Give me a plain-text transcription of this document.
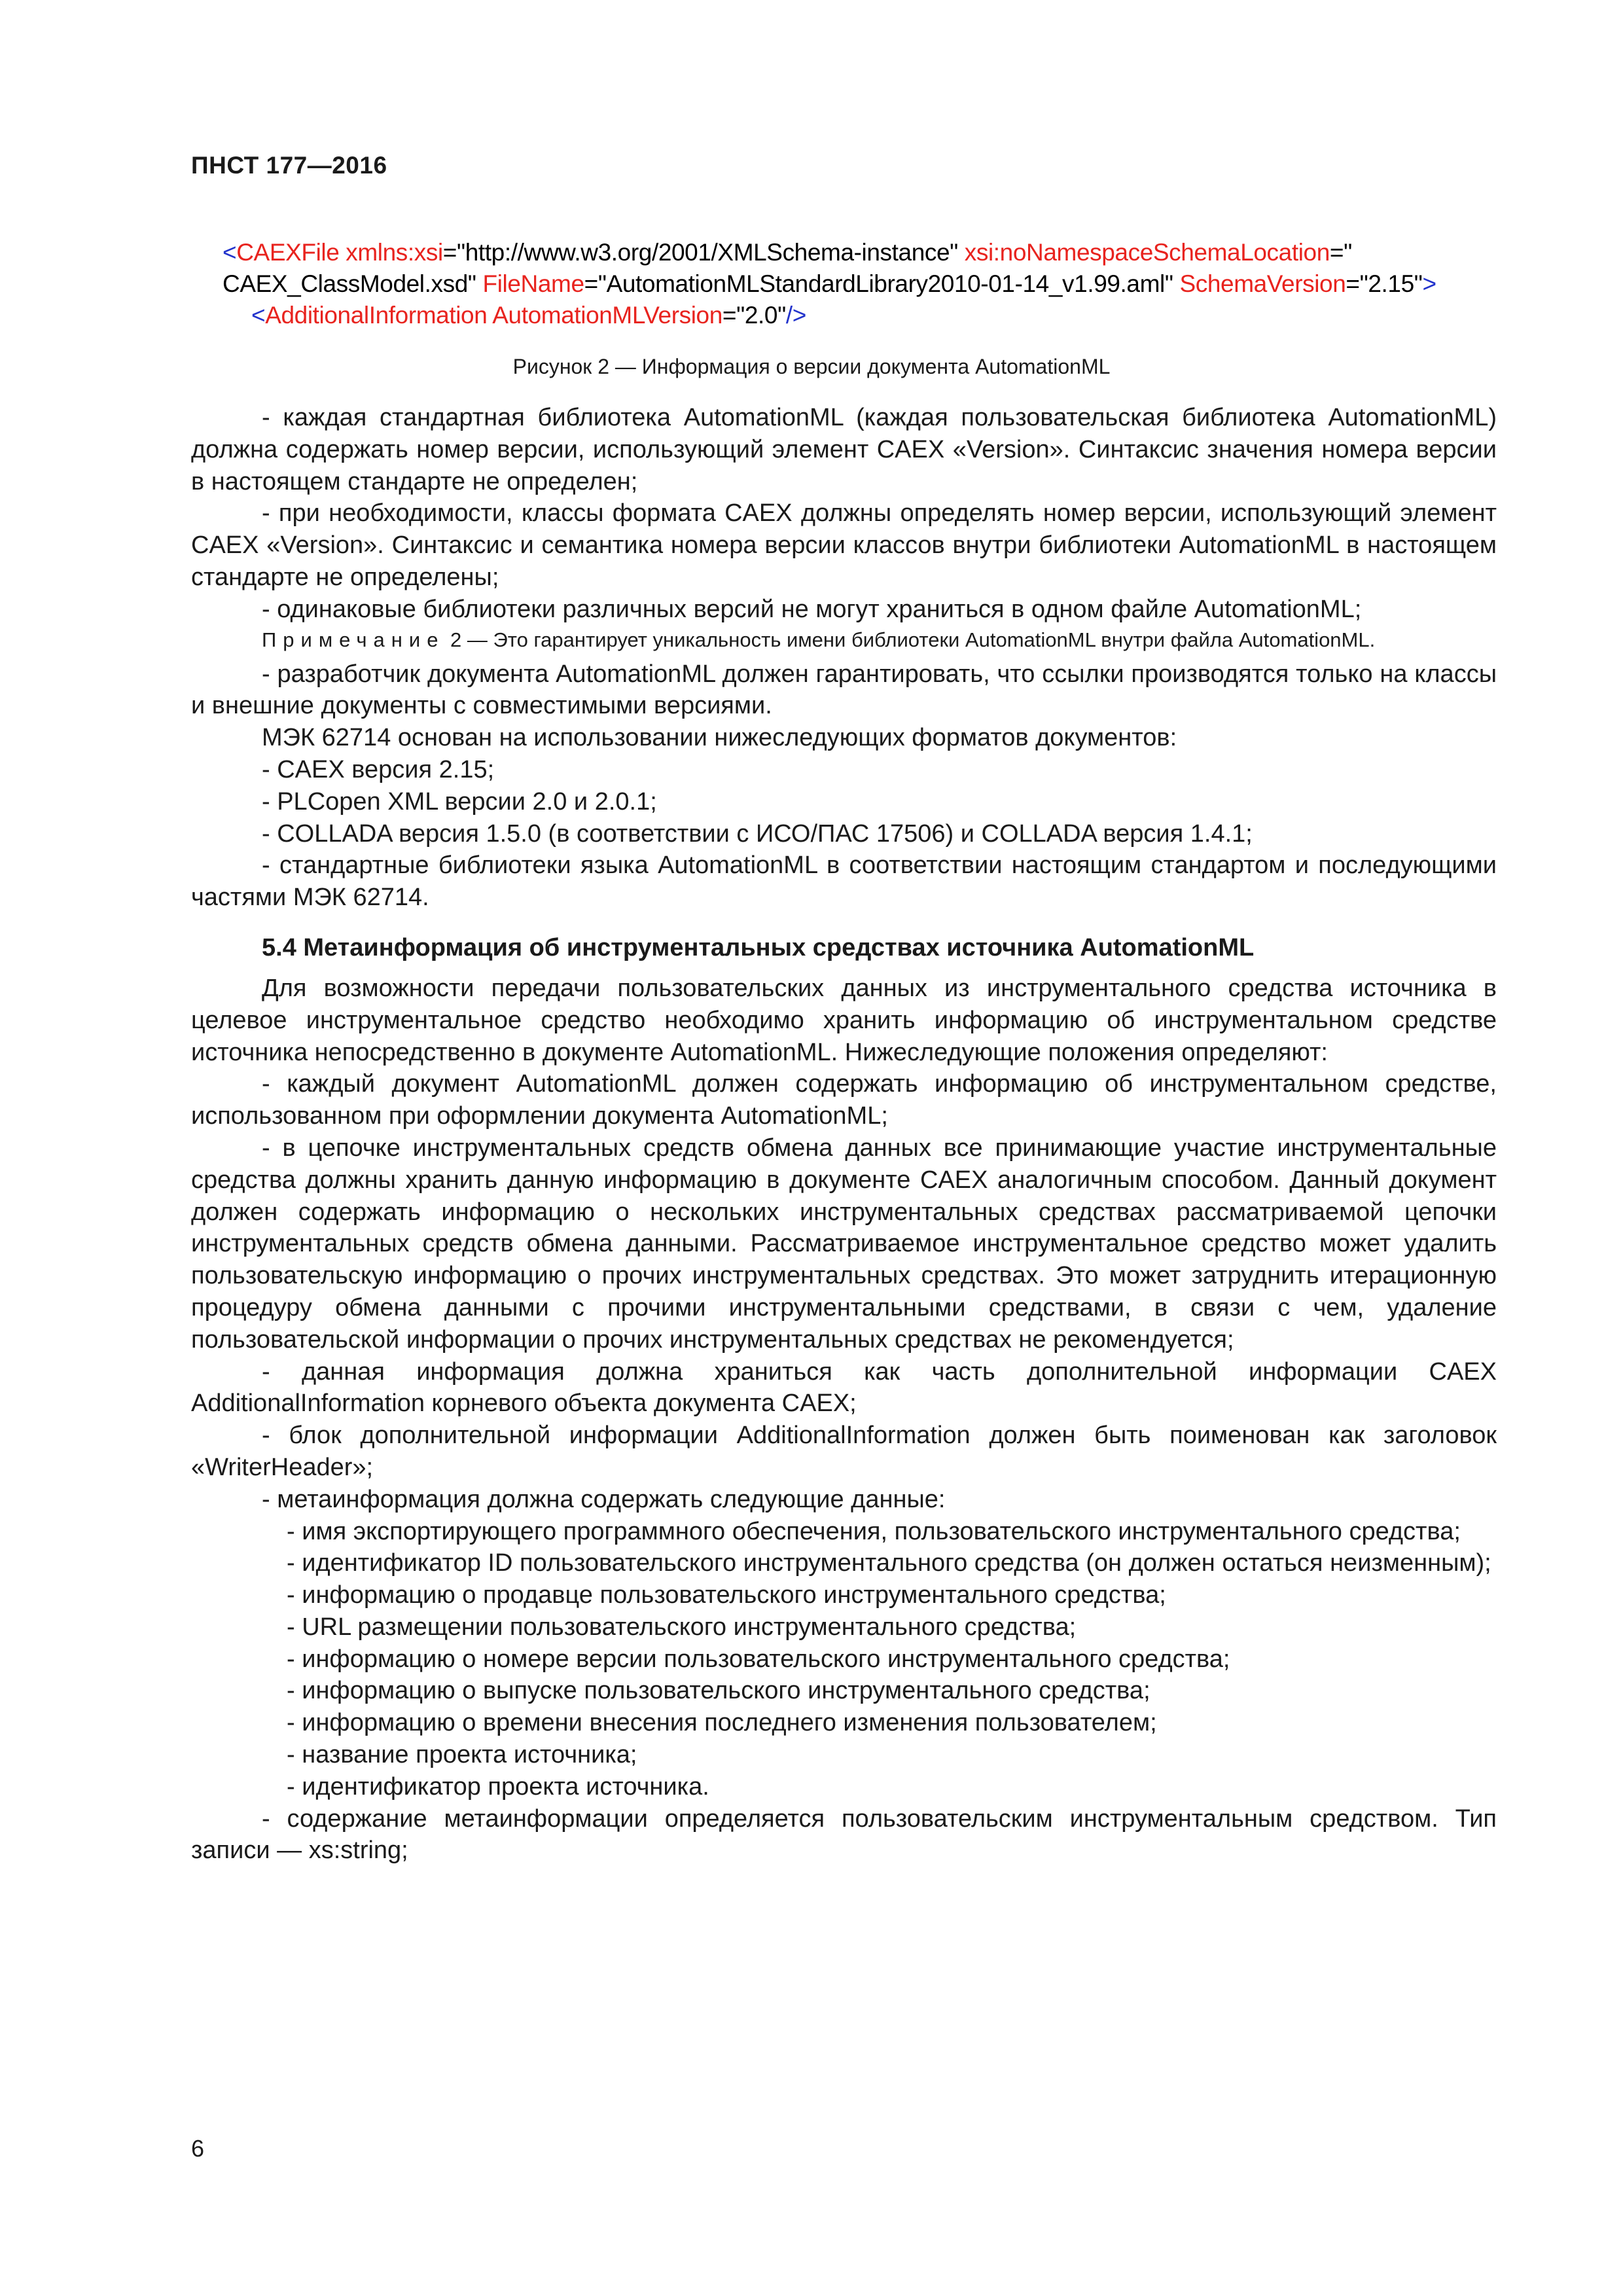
ПНСТ 177—2016
<CAEXFile xmlns:xsi="http://www.w3.org/2001/XMLSchema-instance" xsi:noNamespaceSchemaLocation="
CAEX_ClassModel.xsd" FileName="AutomationMLStandardLibrary2010-01-14_v1.99.aml" SchemaVersion="2.15">
<AdditionalInformation AutomationMLVersion="2.0"/>
Рисунок 2 — Информация о версии документа AutomationML

- каждая стандартная библиотека AutomationML (каждая пользовательская библиотека AutomationML) должна содержать номер версии, использующий элемент CAEX «Version». Синтаксис значения номера версии в настоящем стандарте не определен;

- при необходимости, классы формата CAEX должны определять номер версии, использующий элемент CAEX «Version». Синтаксис и семантика номера версии классов внутри библиотеки AutomationML в настоящем стандарте не определены;

- одинаковые библиотеки различных версий не могут храниться в одном файле AutomationML;

Примечание 2 — Это гарантирует уникальность имени библиотеки AutomationML внутри файла AutomationML.

- разработчик документа AutomationML должен гарантировать, что ссылки производятся только на классы и внешние документы с совместимыми версиями.

МЭК 62714 основан на использовании нижеследующих форматов документов:

- CAEX версия 2.15;

- PLCopen XML версии 2.0 и 2.0.1;

- COLLADA версия 1.5.0 (в соответствии с ИСО/ПАС 17506) и COLLADA версия 1.4.1;

- стандартные библиотеки языка AutomationML в соответствии настоящим стандартом и последующими частями МЭК 62714.

5.4 Метаинформация об инструментальных средствах источника AutomationML

Для возможности передачи пользовательских данных из инструментального средства источника в целевое инструментальное средство необходимо хранить информацию об инструментальном средстве источника непосредственно в документе AutomationML. Нижеследующие положения определяют:

- каждый документ AutomationML должен содержать информацию об инструментальном средстве, использованном при оформлении документа AutomationML;

- в цепочке инструментальных средств обмена данных все принимающие участие инструментальные средства должны хранить данную информацию в документе CAEX аналогичным способом. Данный документ должен содержать информацию о нескольких инструментальных средствах рассматриваемой цепочки инструментальных средств обмена данными. Рассматриваемое инструментальное средство может удалить пользовательскую информацию о прочих инструментальных средствах. Это может затруднить итерационную процедуру обмена данными с прочими инструментальными средствами, в связи с чем, удаление пользовательской информации о прочих инструментальных средствах не рекомендуется;

- данная информация должна храниться как часть дополнительной информации CAEX AdditionalInformation корневого объекта документа CAEX;

- блок дополнительной информации AdditionalInformation должен быть поименован как заголовок «WriterHeader»;

- метаинформация должна содержать следующие данные:

- имя экспортирующего программного обеспечения, пользовательского инструментального средства;

- идентификатор ID пользовательского инструментального средства (он должен остаться неизменным);

- информацию о продавце пользовательского инструментального средства;

- URL размещении пользовательского инструментального средства;

- информацию о номере версии пользовательского инструментального средства;

- информацию о выпуске пользовательского инструментального средства;

- информацию о времени внесения последнего изменения пользователем;

- название проекта источника;

- идентификатор проекта источника.

- содержание метаинформации определяется пользовательским инструментальным средством. Тип записи — xs:string;

6
